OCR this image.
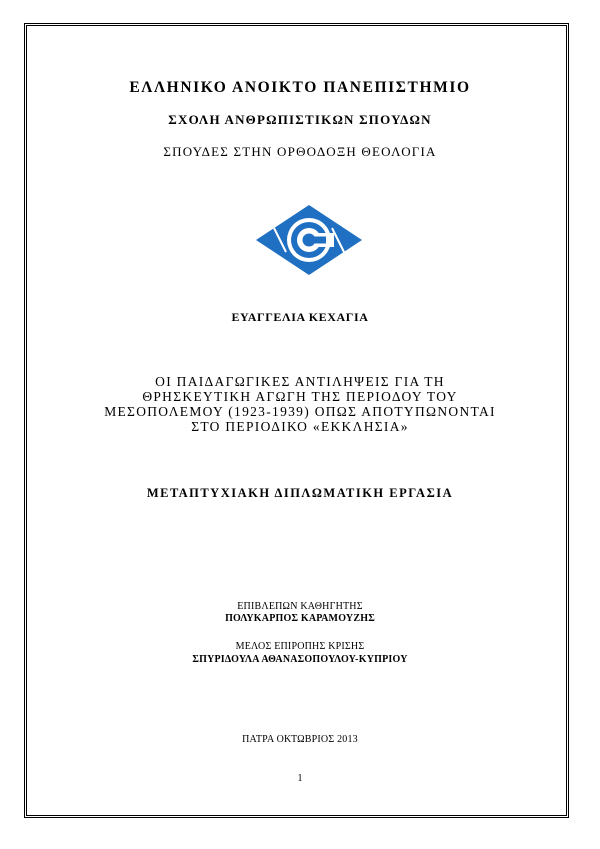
ΕΛΛΗΝΙΚΟ ΑΝΟΙΚΤΟ ΠΑΝΕΠΙΣΤΗΜΙΟ
ΣΧΟΛΗ ΑΝΘΡΩΠΙΣΤΙΚΩΝ ΣΠΟΥΔΩΝ
ΣΠΟΥΔΕΣ ΣΤΗΝ ΟΡΘΟΔΟΞΗ ΘΕΟΛΟΓΙΑ
ΕΥΑΓΓΕΛΙΑ ΚΕΧΑΓΙΑ
ΟΙ ΠΑΙΔΑΓΩΓΙΚΕΣ ΑΝΤΙΛΗΨΕΙΣ ΓΙΑ ΤΗ
ΘΡΗΣΚΕΥΤΙΚΗ ΑΓΩΓΗ ΤΗΣ ΠΕΡΙΟΔΟΥ ΤΟΥ
ΜΕΣΟΠΟΛΕΜΟΥ (1923-1939) ΟΠΩΣ ΑΠΟΤΥΠΩΝΟΝΤΑΙ
ΣΤΟ ΠΕΡΙΟΔΙΚΟ «ΕΚΚΛΗΣΙΑ»
ΜΕΤΑΠΤΥΧΙΑΚΗ ΔΙΠΛΩΜΑΤΙΚΗ ΕΡΓΑΣΙΑ
ΕΠΙΒΛΕΠΩΝ ΚΑΘΗΓΗΤΗΣ
ΠΟΛΥΚΑΡΠΟΣ ΚΑΡΑΜΟΥΖΗΣ
ΜΕΛΟΣ ΕΠΙΡΟΠΗΣ ΚΡΙΣΗΣ
ΣΠΥΡΙΔΟΥΛΑ ΑΘΑΝΑΣΟΠΟΥΛΟΥ-ΚΥΠΡΙΟΥ
ΠΑΤΡΑ ΟΚΤΩΒΡΙΟΣ 2013
1
